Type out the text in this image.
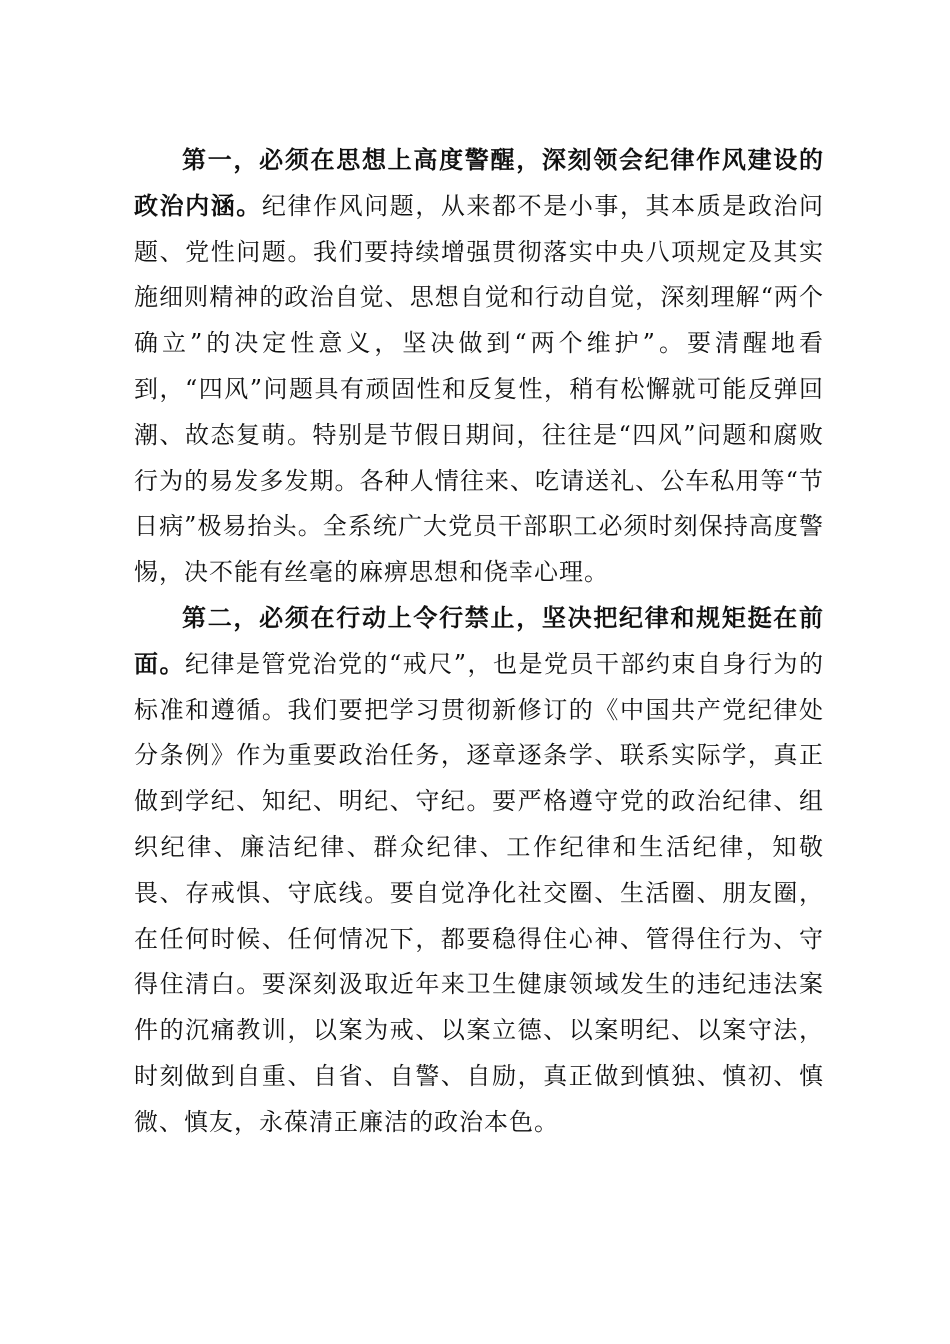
第一，必须在思想上高度警醒，深刻领会纪律作风建设的政治内涵。纪律作风问题，从来都不是小事，其本质是政治问题、党性问题。我们要持续增强贯彻落实中央八项规定及其实施细则精神的政治自觉、思想自觉和行动自觉，深刻理解“两个确立”的决定性意义，坚决做到“两个维护”。要清醒地看到，“四风”问题具有顽固性和反复性，稍有松懈就可能反弹回潮、故态复萌。特别是节假日期间，往往是“四风”问题和腐败行为的易发多发期。各种人情往来、吃请送礼、公车私用等“节日病”极易抬头。全系统广大党员干部职工必须时刻保持高度警惕，决不能有丝毫的麻痹思想和侥幸心理。

第二，必须在行动上令行禁止，坚决把纪律和规矩挺在前面。纪律是管党治党的“戒尺”，也是党员干部约束自身行为的标准和遵循。我们要把学习贯彻新修订的《中国共产党纪律处分条例》作为重要政治任务，逐章逐条学、联系实际学，真正做到学纪、知纪、明纪、守纪。要严格遵守党的政治纪律、组织纪律、廉洁纪律、群众纪律、工作纪律和生活纪律，知敬畏、存戒惧、守底线。要自觉净化社交圈、生活圈、朋友圈，在任何时候、任何情况下，都要稳得住心神、管得住行为、守得住清白。要深刻汲取近年来卫生健康领域发生的违纪违法案件的沉痛教训，以案为戒、以案立德、以案明纪、以案守法，时刻做到自重、自省、自警、自励，真正做到慎独、慎初、慎微、慎友，永葆清正廉洁的政治本色。
